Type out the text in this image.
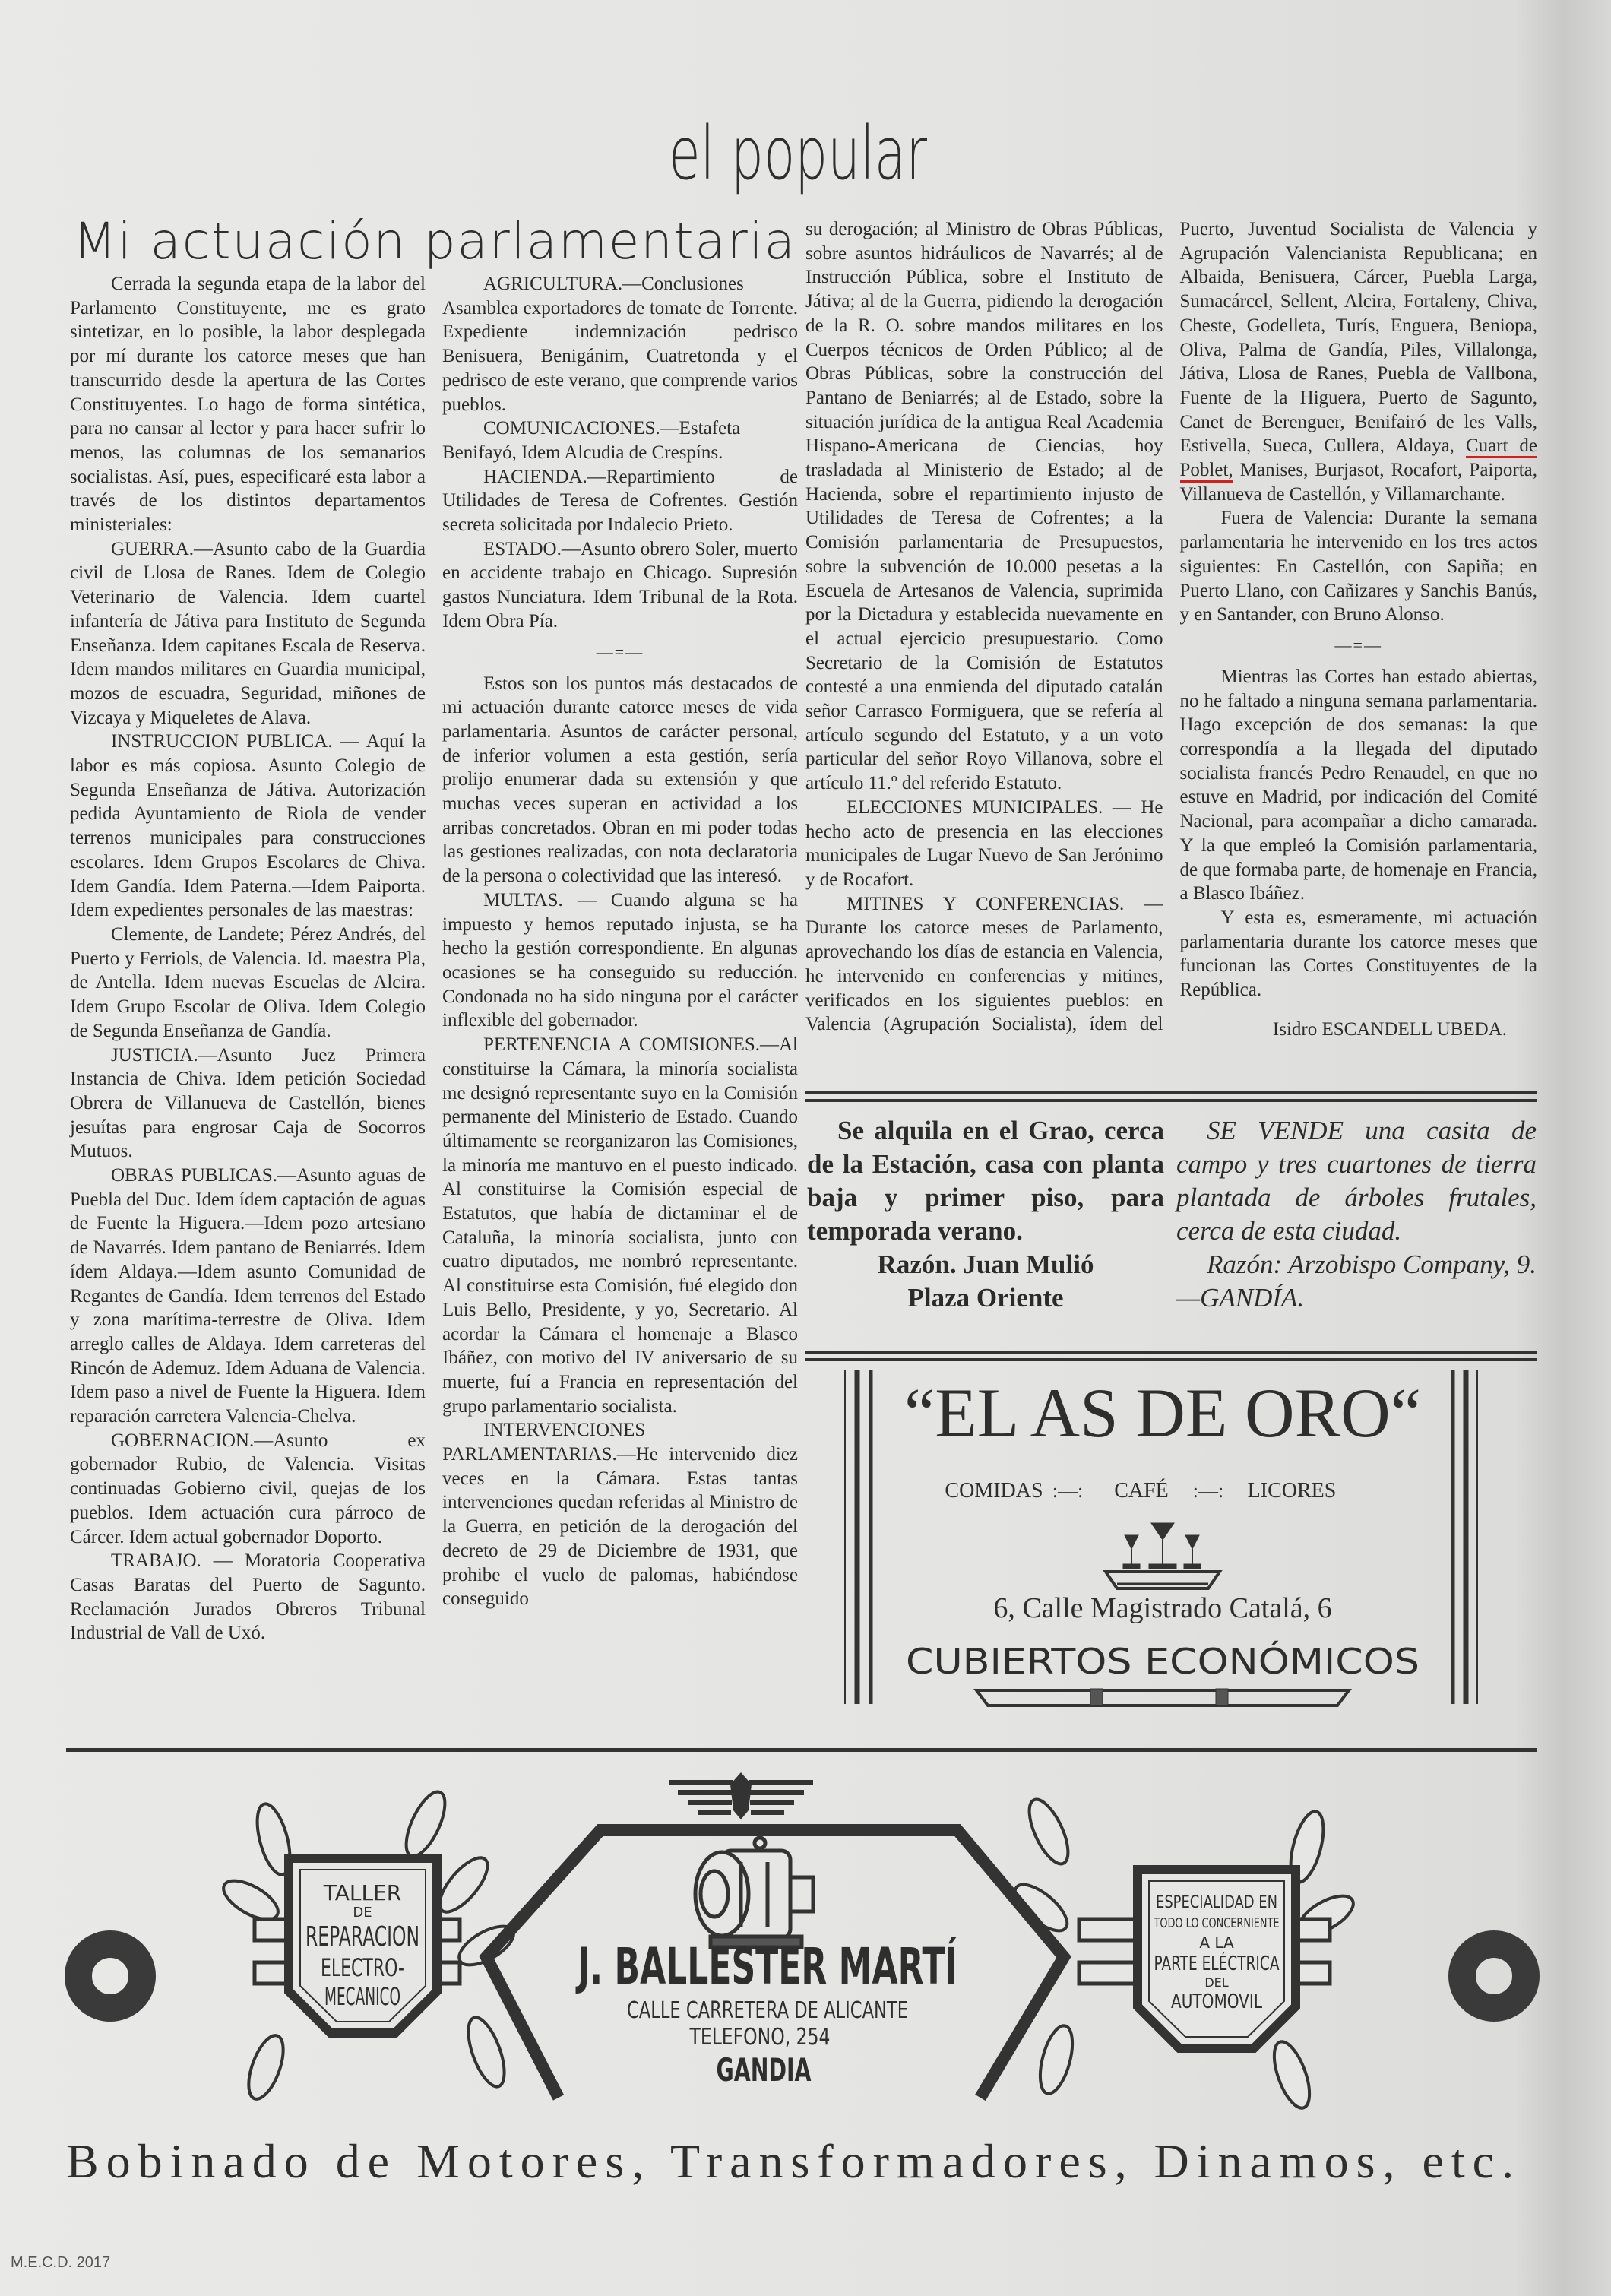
el popular
Mi actuación parlamentaria

Cerrada la segunda etapa de la labor del Parlamento Constituyente, me es grato sintetizar, en lo posible, la labor desplegada por mí durante los catorce meses que han transcurrido desde la apertura de las Cortes Constituyentes. Lo hago de forma sintética, para no cansar al lector y para hacer sufrir lo menos, las columnas de los semanarios socialistas. Así, pues, especificaré esta labor a través de los distintos departamentos ministeriales:

GUERRA.—Asunto cabo de la Guardia civil de Llosa de Ranes. Idem de Colegio Veterinario de Valencia. Idem cuartel infantería de Játiva para Instituto de Segunda Enseñanza. Idem capitanes Escala de Reserva. Idem mandos militares en Guardia municipal, mozos de escuadra, Seguridad, miñones de Vizcaya y Miqueletes de Alava.

INSTRUCCION PUBLICA. — Aquí la labor es más copiosa. Asunto Colegio de Segunda Enseñanza de Játiva. Autorización pedida Ayuntamiento de Riola de vender terrenos municipales para construcciones escolares. Idem Grupos Escolares de Chiva. Idem Gandía. Idem Paterna.—Idem Paiporta. Idem expedientes personales de las maestras:

Clemente, de Landete; Pérez Andrés, del Puerto y Ferriols, de Valencia. Id. maestra Pla, de Antella. Idem nuevas Escuelas de Alcira. Idem Grupo Escolar de Oliva. Idem Colegio de Segunda Enseñanza de Gandía.

JUSTICIA.—Asunto Juez Primera Instancia de Chiva. Idem petición Sociedad Obrera de Villanueva de Castellón, bienes jesuítas para engrosar Caja de Socorros Mutuos.

OBRAS PUBLICAS.—Asunto aguas de Puebla del Duc. Idem ídem captación de aguas de Fuente la Higuera.—Idem pozo artesiano de Navarrés. Idem pantano de Beniarrés. Idem ídem Aldaya.—Idem asunto Comunidad de Regantes de Gandía. Idem terrenos del Estado y zona marítima-terrestre de Oliva. Idem arreglo calles de Aldaya. Idem carreteras del Rincón de Ademuz. Idem Aduana de Valencia. Idem paso a nivel de Fuente la Higuera. Idem reparación carretera Valencia-Chelva.

GOBERNACION.—Asunto ex gobernador Rubio, de Valencia. Visitas continuadas Gobierno civil, quejas de los pueblos. Idem actuación cura párroco de Cárcer. Idem actual gobernador Doporto.

TRABAJO. — Moratoria Cooperativa Casas Baratas del Puerto de Sagunto. Reclamación Jurados Obreros Tribunal Industrial de Vall de Uxó.

AGRICULTURA.—Conclusiones Asamblea exportadores de tomate de Torrente. Expediente indemnización pedrisco Benisuera, Benigánim, Cuatretonda y el pedrisco de este verano, que comprende varios pueblos.

COMUNICACIONES.—Estafeta Benifayó, Idem Alcudia de Crespíns.

HACIENDA.—Repartimiento de Utilidades de Teresa de Cofrentes. Gestión secreta solicitada por Indalecio Prieto.

ESTADO.—Asunto obrero Soler, muerto en accidente trabajo en Chicago. Supresión gastos Nunciatura. Idem Tribunal de la Rota. Idem Obra Pía.

—=—

Estos son los puntos más destacados de mi actuación durante catorce meses de vida parlamentaria. Asuntos de carácter personal, de inferior volumen a esta gestión, sería prolijo enumerar dada su extensión y que muchas veces superan en actividad a los arribas concretados. Obran en mi poder todas las gestiones realizadas, con nota declaratoria de la persona o colectividad que las interesó.

MULTAS. — Cuando alguna se ha impuesto y hemos reputado injusta, se ha hecho la gestión correspondiente. En algunas ocasiones se ha conseguido su reducción. Condonada no ha sido ninguna por el carácter inflexible del gobernador.

PERTENENCIA A COMISIONES.—Al constituirse la Cámara, la minoría socialista me designó representante suyo en la Comisión permanente del Ministerio de Estado. Cuando últimamente se reorganizaron las Comisiones, la minoría me mantuvo en el puesto indicado. Al constituirse la Comisión especial de Estatutos, que había de dictaminar el de Cataluña, la minoría socialista, junto con cuatro diputados, me nombró representante. Al constituirse esta Comisión, fué elegido don Luis Bello, Presidente, y yo, Secretario. Al acordar la Cámara el homenaje a Blasco Ibáñez, con motivo del IV aniversario de su muerte, fuí a Francia en representación del grupo parlamentario socialista.

INTERVENCIONES PARLAMENTARIAS.—He intervenido diez veces en la Cámara. Estas tantas intervenciones quedan referidas al Ministro de la Guerra, en petición de la derogación del decreto de 29 de Diciembre de 1931, que prohibe el vuelo de palomas, habiéndose conseguido

su derogación; al Ministro de Obras Públicas, sobre asuntos hidráulicos de Navarrés; al de Instrucción Pública, sobre el Instituto de Játiva; al de la Guerra, pidiendo la derogación de la R. O. sobre mandos militares en los Cuerpos técnicos de Orden Público; al de Obras Públicas, sobre la construcción del Pantano de Beniarrés; al de Estado, sobre la situación jurídica de la antigua Real Academia Hispano-Americana de Ciencias, hoy trasladada al Ministerio de Estado; al de Hacienda, sobre el repartimiento injusto de Utilidades de Teresa de Cofrentes; a la Comisión parlamentaria de Presupuestos, sobre la subvención de 10.000 pesetas a la Escuela de Artesanos de Valencia, suprimida por la Dictadura y establecida nuevamente en el actual ejercicio presupuestario. Como Secretario de la Comisión de Estatutos contesté a una enmienda del diputado catalán señor Carrasco Formiguera, que se refería al artículo segundo del Estatuto, y a un voto particular del señor Royo Villanova, sobre el artículo 11.º del referido Estatuto.

ELECCIONES MUNICIPALES. — He hecho acto de presencia en las elecciones municipales de Lugar Nuevo de San Jerónimo y de Rocafort.

MITINES Y CONFERENCIAS. — Durante los catorce meses de Parlamento, aprovechando los días de estancia en Valencia, he intervenido en conferencias y mitines, verificados en los siguientes pueblos: en Valencia (Agrupación Socialista), ídem del Puerto, Juventud Socialista de Valencia y Agrupación Valencianista Republicana; en Albaida, Benisuera, Cárcer, Puebla Larga, Sumacárcel, Sellent, Alcira, Fortaleny, Chiva, Cheste, Godelleta, Turís, Enguera, Beniopa, Oliva, Palma de Gandía, Piles, Villalonga, Játiva, Llosa de Ranes, Puebla de Vallbona, Fuente de la Higuera, Puerto de Sagunto, Canet de Berenguer, Benifairó de les Valls, Estivella, Sueca, Cullera, Aldaya, Cuart de Poblet, Manises, Burjasot, Rocafort, Paiporta, Villanueva de Castellón, y Villamarchante.

Fuera de Valencia: Durante la semana parlamentaria he intervenido en los tres actos siguientes: En Castellón, con Sapiña; en Puerto Llano, con Cañizares y Sanchis Banús, y en Santander, con Bruno Alonso.

—=—

Mientras las Cortes han estado abiertas, no he faltado a ninguna semana parlamentaria. Hago excepción de dos semanas: la que correspondía a la llegada del diputado socialista francés Pedro Renaudel, en que no estuve en Madrid, por indicación del Comité Nacional, para acompañar a dicho camarada. Y la que empleó la Comisión parlamentaria, de que formaba parte, de homenaje en Francia, a Blasco Ibáñez.

Y esta es, esmeramente, mi actuación parlamentaria durante los catorce meses que funcionan las Cortes Constituyentes de la República.

Isidro ESCANDELL UBEDA.

Se alquila en el Grao, cerca de la Estación, casa con planta baja y primer piso, para temporada verano.

Razón. Juan Mulió

Plaza Oriente

SE VENDE una casita de campo y tres cuartones de tierra plantada de árboles frutales, cerca de esta ciudad.

Razón: Arzobispo Company, 9.—GANDÍA.

“EL AS DE ORO“
COMIDAS :—: CAFÉ :—: LICORES
6, Calle Magistrado Catalá, 6
CUBIERTOS ECONÓMICOS
TALLER
DE
REPARACION
ELECTRO-
MECANICO
ESPECIALIDAD EN
TODO LO CONCERNIENTE
A LA
PARTE ELÉCTRICA
DEL
AUTOMOVIL
J. BALLESTER MARTÍ
CALLE CARRETERA DE ALICANTE
TELEFONO, 254
GANDIA
Bobinado de Motores, Transformadores, Dinamos, etc.
M.E.C.D. 2017
